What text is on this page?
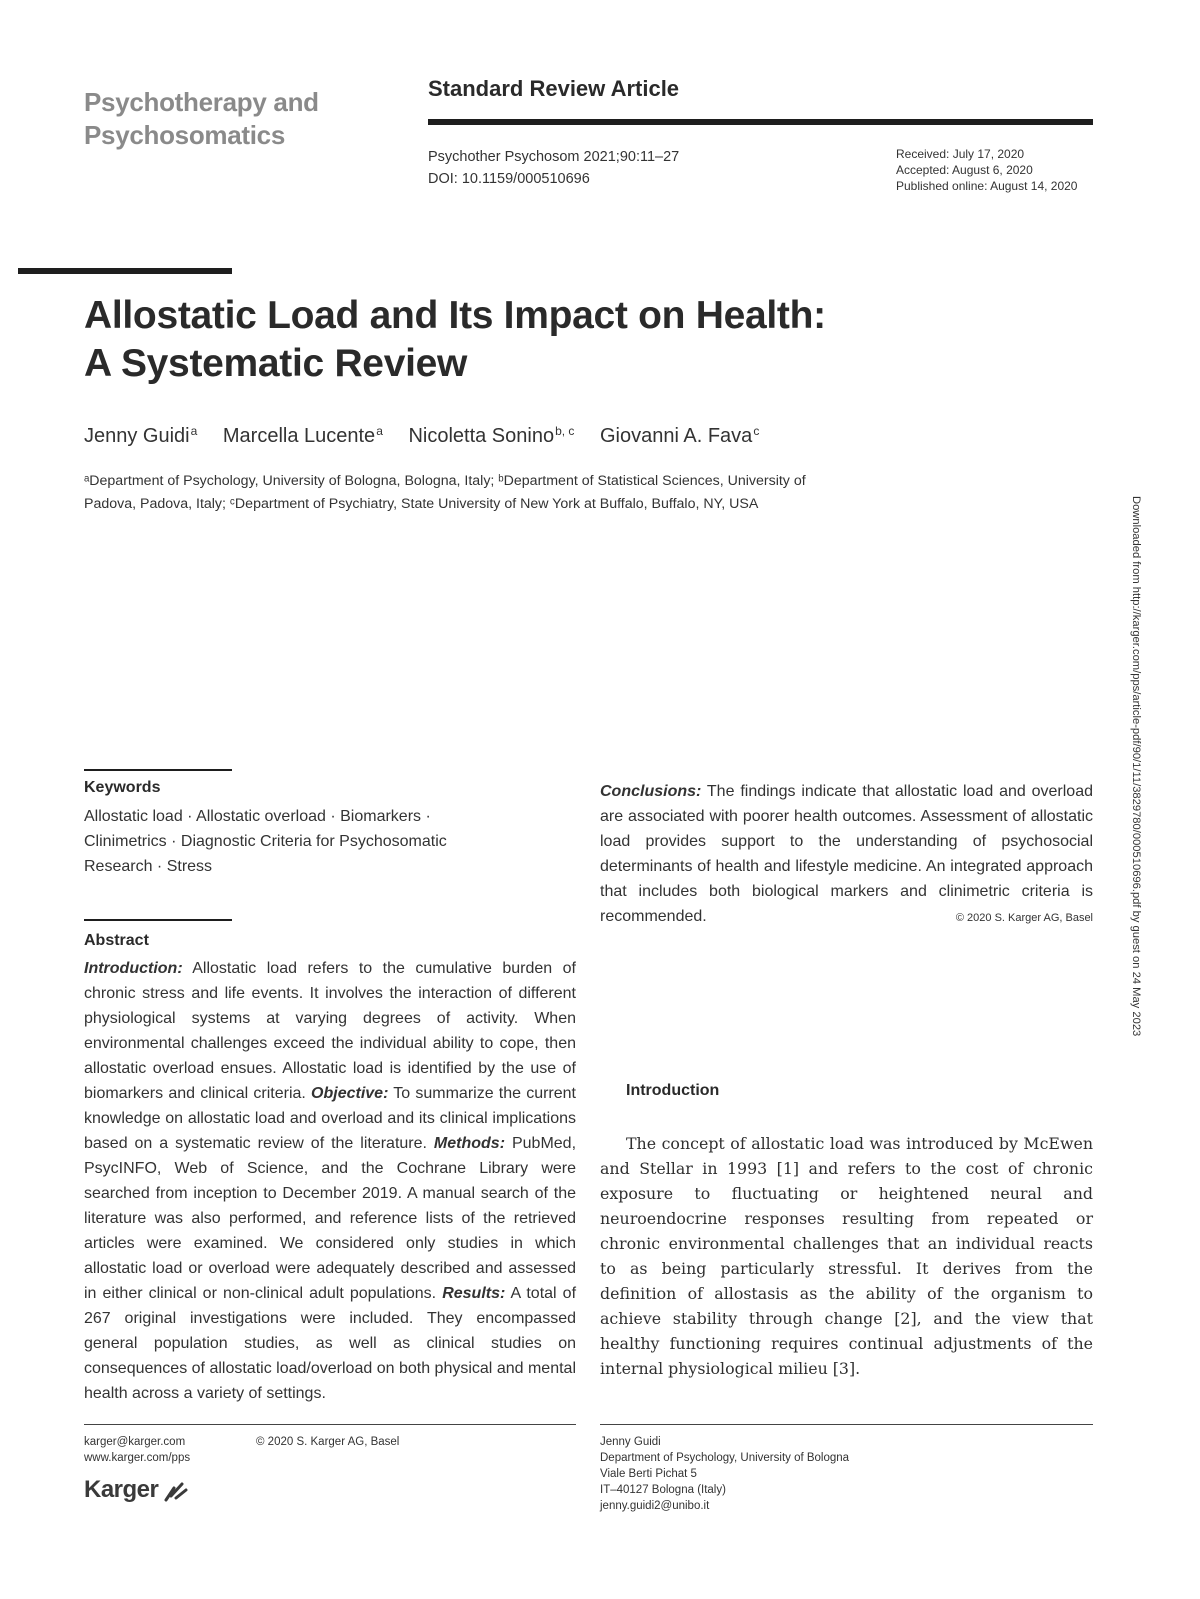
Psychotherapy and Psychosomatics
Standard Review Article
Psychother Psychosom 2021;90:11–27
DOI: 10.1159/000510696
Received: July 17, 2020
Accepted: August 6, 2020
Published online: August 14, 2020
Allostatic Load and Its Impact on Health:
A Systematic Review
Jenny Guidi$^a$ Marcella Lucente$^a$ Nicoletta Sonino$^{b, c}$ Giovanni A. Fava$^c$
ᵃDepartment of Psychology, University of Bologna, Bologna, Italy; ᵇDepartment of Statistical Sciences, University of
Padova, Padova, Italy; ᶜDepartment of Psychiatry, State University of New York at Buffalo, Buffalo, NY, USA	Downloaded from http://karger.com/pps/article-pdf/90/1/11/3829780/000510696.pdf by guest on 24 May 2023
Keywords
Allostatic load · Allostatic overload · Biomarkers ·
Clinimetrics · Diagnostic Criteria for Psychosomatic
Research · Stress
Abstract
Introduction: Allostatic load refers to the cumulative burden of chronic stress and life events. It involves the interaction of different physiological systems at varying degrees of activity. When environmental challenges exceed the individual ability to cope, then allostatic overload ensues. Allostatic load is identified by the use of biomarkers and clinical criteria. Objective: To summarize the current knowledge on allostatic load and overload and its clinical implications based on a systematic review of the literature. Methods: PubMed, PsycINFO, Web of Science, and the Cochrane Library were searched from inception to December 2019. A manual search of the literature was also performed, and reference lists of the retrieved articles were examined. We considered only studies in which allostatic load or overload were adequately described and assessed in either clinical or non-clinical adult populations. Results: A total of 267 original investigations were included. They encompassed general population studies, as well as clinical studies on consequences of allostatic load/overload on both physical and mental health across a variety of settings.
Conclusions: The findings indicate that allostatic load and overload are associated with poorer health outcomes. Assessment of allostatic load provides support to the understanding of psychosocial determinants of health and lifestyle medicine. An integrated approach that includes both biological markers and clinimetric criteria is recommended.	© 2020 S. Karger AG, Basel
Introduction
The concept of allostatic load was introduced by McEwen and Stellar in 1993 [1] and refers to the cost of chronic exposure to fluctuating or heightened neural and neuroendocrine responses resulting from repeated or chronic environmental challenges that an individual reacts to as being particularly stressful. It derives from the definition of allostasis as the ability of the organism to achieve stability through change [2], and the view that healthy functioning requires continual adjustments of the internal physiological milieu [3].
karger@karger.com
www.karger.com/pps
© 2020 S. Karger AG, Basel
Karger
Jenny Guidi
Department of Psychology, University of Bologna
Viale Berti Pichat 5
IT–40127 Bologna (Italy)
jenny.guidi2@unibo.it
